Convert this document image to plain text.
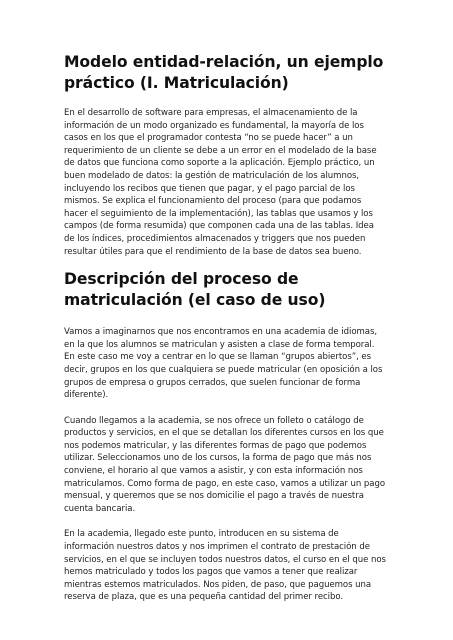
Modelo entidad-relación, un ejemplo práctico (I. Matriculación)

En el desarrollo de software para empresas, el almacenamiento de la información de un modo organizado es fundamental, la mayoría de los casos en los que el programador contesta “no se puede hacer” a un requerimiento de un cliente se debe a un error en el modelado de la base de datos que funciona como soporte a la aplicación. Ejemplo práctico, un buen modelado de datos: la gestión de matriculación de los alumnos, incluyendo los recibos que tienen que pagar, y el pago parcial de los mismos. Se explica el funcionamiento del proceso (para que podamos hacer el seguimiento de la implementación), las tablas que usamos y los campos (de forma resumida) que componen cada una de las tablas. Idea de los índices, procedimientos almacenados y triggers que nos pueden resultar útiles para que el rendimiento de la base de datos sea bueno.

Descripción del proceso de matriculación (el caso de uso)

Vamos a imaginarnos que nos encontramos en una academia de idiomas, en la que los alumnos se matriculan y asisten a clase de forma temporal. En este caso me voy a centrar en lo que se llaman “grupos abiertos”, es decir, grupos en los que cualquiera se puede matricular (en oposición a los grupos de empresa o grupos cerrados, que suelen funcionar de forma diferente).

Cuando llegamos a la academia, se nos ofrece un folleto o catálogo de productos y servicios, en el que se detallan los diferentes cursos en los que nos podemos matricular, y las diferentes formas de pago que podemos utilizar. Seleccionamos uno de los cursos, la forma de pago que más nos conviene, el horario al que vamos a asistir, y con esta información nos matriculamos. Como forma de pago, en este caso, vamos a utilizar un pago mensual, y queremos que se nos domicilie el pago a través de nuestra cuenta bancaria.

En la academia, llegado este punto, introducen en su sistema de información nuestros datos y nos imprimen el contrato de prestación de servicios, en el que se incluyen todos nuestros datos, el curso en el que nos hemos matriculado y todos los pagos que vamos a tener que realizar mientras estemos matriculados. Nos piden, de paso, que paguemos una reserva de plaza, que es una pequeña cantidad del primer recibo.
